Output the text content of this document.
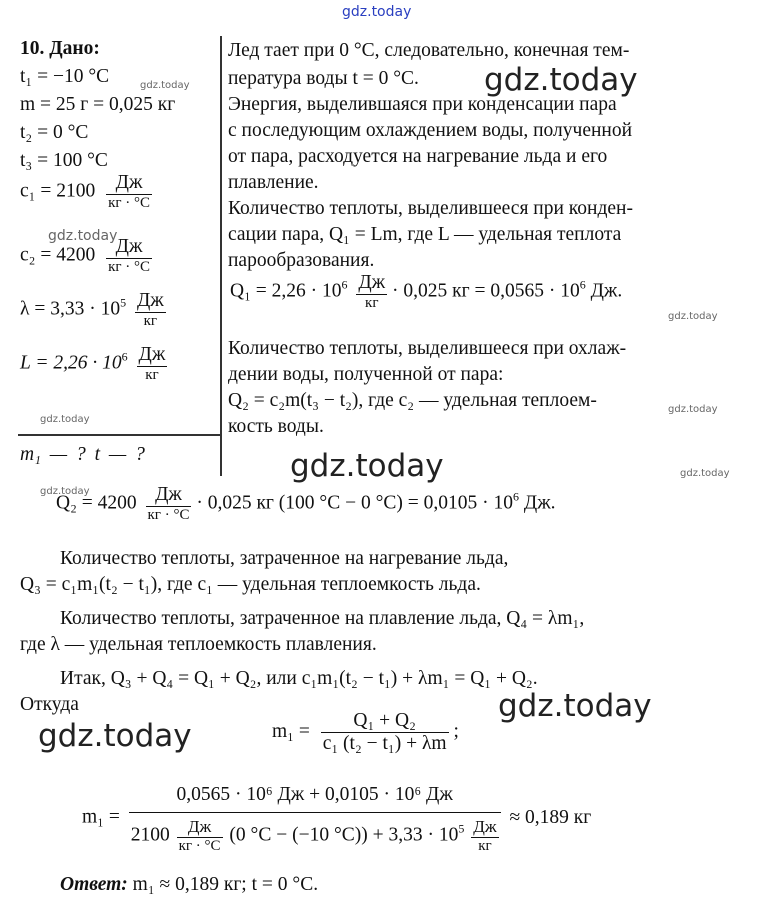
gdz.today
gdz.today
gdz.today
gdz.today
gdz.today
gdz.today
gdz.today
gdz.today
gdz.today
gdz.today
gdz.today
gdz.today
10. Дано:
t₁ = −10 °C
m = 25 г = 0,025 кг
t₂ = 0 °C
t₃ = 100 °C
$c_1 = 2100 \frac{Дж}{кг \cdot ^\circ C}$
$c_2 = 4200 \frac{Дж}{кг \cdot ^\circ C}$
$\lambda = 3,33 \cdot 10^5 \frac{Дж}{кг}$
$L = 2,26 \cdot 10^6 \frac{Дж}{кг}$
m₁ — ? t — ?
Лед тает при 0 °C, следовательно, конечная тем-
пература воды t = 0 °C.
Энергия, выделившаяся при конденсации пара
с последующим охлаждением воды, полученной
от пара, расходуется на нагревание льда и его
плавление.
Количество теплоты, выделившееся при конден-
сации пара, Q₁ = Lm, где L — удельная теплота
парообразования.
$Q_1 = 2,26 \cdot 10^6 \frac{Дж}{кг} \cdot 0,025$ кг = $0,0565 \cdot 10^6$ Дж.
Количество теплоты, выделившееся при охлаж-
дении воды, полученной от пара:
Q₂ = c₂m(t₃ − t₂), где c₂ — удельная теплоем-
кость воды.
$Q_2 = 4200 \frac{Дж}{кг \cdot ^\circ C} \cdot 0,025$ кг (100 °C − 0 $^\circ C) = 0,0105 \cdot 10^6$ Дж.
Количество теплоты, затраченное на нагревание льда,
Q₃ = c₁m₁(t₂ − t₁), где c₁ — удельная теплоемкость льда.
Количество теплоты, затраченное на плавление льда, Q₄ = λm₁,
где λ — удельная теплоемкость плавления.
Итак, Q₃ + Q₄ = Q₁ + Q₂, или c₁m₁(t₂ − t₁) + λm₁ = Q₁ + Q₂.
Откуда
$m_1 = \frac{\text{Q₁ + Q₂}}{\text{c₁ (t₂ − t₁) + λm}}$ ;
m₁ =
0,0565 · 10⁶ Дж + 0,0105 · 10⁶ Дж
$2100 \frac{Дж}{кг \cdot ^\circ C} (0$ °C − (−10 $^\circ C)) + 3,33 \cdot 10^5 \frac{Дж}{кг} \approx 0,189$ кг
Ответ: m₁ ≈ 0,189 кг; t = 0 °C.
